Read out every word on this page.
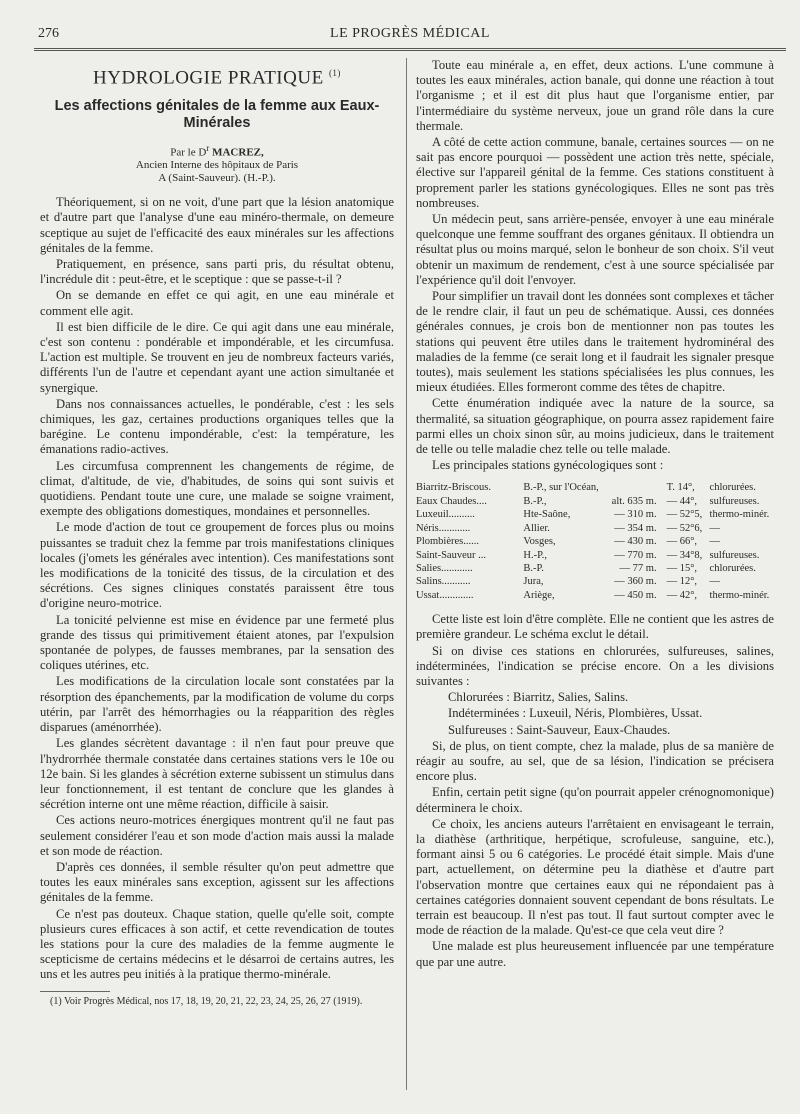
276	LE PROGRÈS MÉDICAL
HYDROLOGIE PRATIQUE $^{(1)}$
Les affections génitales de la femme aux Eaux-Minérales
Par le $D^r$ MACREZ,
Ancien Interne des hôpitaux de Paris
A (Saint-Sauveur). (H.-P.).

Théoriquement, si on ne voit, d'une part que la lésion anatomique et d'autre part que l'analyse d'une eau minéro-thermale, on demeure sceptique au sujet de l'efficacité des eaux minérales sur les affections génitales de la femme.

Pratiquement, en présence, sans parti pris, du résultat obtenu, l'incrédule dit : peut-être, et le sceptique : que se passe-t-il ?

On se demande en effet ce qui agit, en une eau minérale et comment elle agit.

Il est bien difficile de le dire. Ce qui agit dans une eau minérale, c'est son contenu : pondérable et impondérable, et les circumfusa. L'action est multiple. Se trouvent en jeu de nombreux facteurs variés, différents l'un de l'autre et cependant ayant une action simultanée et synergique.

Dans nos connaissances actuelles, le pondérable, c'est : les sels chimiques, les gaz, certaines productions organiques telles que la barégine. Le contenu impondérable, c'est: la température, les émanations radio-actives.

Les circumfusa comprennent les changements de régime, de climat, d'altitude, de vie, d'habitudes, de soins qui sont suivis et quotidiens. Pendant toute une cure, une malade se soigne vraiment, exempte des obligations domestiques, mondaines et personnelles.

Le mode d'action de tout ce groupement de forces plus ou moins puissantes se traduit chez la femme par trois manifestations cliniques locales (j'omets les générales avec intention). Ces manifestations sont les modifications de la tonicité des tissus, de la circulation et des sécrétions. Ces signes cliniques constatés paraissent être tous d'origine neuro-motrice.

La tonicité pelvienne est mise en évidence par une fermeté plus grande des tissus qui primitivement étaient atones, par l'expulsion spontanée de polypes, de fausses membranes, par la sensation des coliques utérines, etc.

Les modifications de la circulation locale sont constatées par la résorption des épanchements, par la modification de volume du corps utérin, par l'arrêt des hémorrhagies ou la réapparition des règles disparues (aménorrhée).

Les glandes sécrètent davantage : il n'en faut pour preuve que l'hydrorrhée thermale constatée dans certaines stations vers le 10e ou 12e bain. Si les glandes à sécrétion externe subissent un stimulus dans leur fonctionnement, il est tentant de conclure que les glandes à sécrétion interne ont une même réaction, difficile à saisir.

Ces actions neuro-motrices énergiques montrent qu'il ne faut pas seulement considérer l'eau et son mode d'action mais aussi la malade et son mode de réaction.

D'après ces données, il semble résulter qu'on peut admettre que toutes les eaux minérales sans exception, agissent sur les affections génitales de la femme.

Ce n'est pas douteux. Chaque station, quelle qu'elle soit, compte plusieurs cures efficaces à son actif, et cette revendication de toutes les stations pour la cure des maladies de la femme augmente le scepticisme de certains médecins et le désarroi de certains autres, les uns et les autres peu initiés à la pratique thermo-minérale.

(1) Voir Progrès Médical, nos 17, 18, 19, 20, 21, 22, 23, 24, 25, 26, 27 (1919).

Toute eau minérale a, en effet, deux actions. L'une commune à toutes les eaux minérales, action banale, qui donne une réaction à tout l'organisme ; et il est dit plus haut que l'organisme entier, par l'intermédiaire du système nerveux, joue un grand rôle dans la cure thermale.

A côté de cette action commune, banale, certaines sources — on ne sait pas encore pourquoi — possèdent une action très nette, spéciale, élective sur l'appareil génital de la femme. Ces stations constituent à proprement parler les stations gynécologiques. Elles ne sont pas très nombreuses.

Un médecin peut, sans arrière-pensée, envoyer à une eau minérale quelconque une femme souffrant des organes génitaux. Il obtiendra un résultat plus ou moins marqué, selon le bonheur de son choix. S'il veut obtenir un maximum de rendement, c'est à une source spécialisée par l'expérience qu'il doit l'envoyer.

Pour simplifier un travail dont les données sont complexes et tâcher de le rendre clair, il faut un peu de schématique. Aussi, ces données générales connues, je crois bon de mentionner non pas toutes les stations qui peuvent être utiles dans le traitement hydrominéral des maladies de la femme (ce serait long et il faudrait les signaler presque toutes), mais seulement les stations spécialisées les plus connues, les mieux étudiées. Elles formeront comme des têtes de chapitre.

Cette énumération indiquée avec la nature de la source, sa thermalité, sa situation géographique, on pourra assez rapidement faire parmi elles un choix sinon sûr, au moins judicieux, dans le traitement de telle ou telle maladie chez telle ou telle malade.

Les principales stations gynécologiques sont :

Biarritz-Briscous.	B.-P., sur l'Océan,		T. 14°,	chlorurées.
Eaux Chaudes....	B.-P.,	alt. 635 m.	— 44°,	sulfureuses.
Luxeuil..........	Hte-Saône,	— 310 m.	— 52°5,	thermo-minér.
Néris............	Allier.	— 354 m.	— 52°6,	—
Plombières......	Vosges,	— 430 m.	— 66°,	—
Saint-Sauveur ...	H.-P.,	— 770 m.	— 34°8,	sulfureuses.
Salies............	B.-P.	— 77 m.	— 15°,	chlorurées.
Salins...........	Jura,	— 360 m.	— 12°,	—
Ussat.............	Ariège,	— 450 m.	— 42°,	thermo-minér.

Cette liste est loin d'être complète. Elle ne contient que les astres de première grandeur. Le schéma exclut le détail.

Si on divise ces stations en chlorurées, sulfureuses, salines, indéterminées, l'indication se précise encore. On a les divisions suivantes :

Chlorurées : Biarritz, Salies, Salins.

Indéterminées : Luxeuil, Néris, Plombières, Ussat.

Sulfureuses : Saint-Sauveur, Eaux-Chaudes.

Si, de plus, on tient compte, chez la malade, plus de sa manière de réagir au soufre, au sel, que de sa lésion, l'indication se précisera encore plus.

Enfin, certain petit signe (qu'on pourrait appeler crénognomonique) déterminera le choix.

Ce choix, les anciens auteurs l'arrêtaient en envisageant le terrain, la diathèse (arthritique, herpétique, scrofuleuse, sanguine, etc.), formant ainsi 5 ou 6 catégories. Le procédé était simple. Mais d'une part, actuellement, on détermine peu la diathèse et d'autre part l'observation montre que certaines eaux qui ne répondaient pas à certaines catégories donnaient souvent cependant de bons résultats. Le terrain est beaucoup. Il n'est pas tout. Il faut surtout compter avec le mode de réaction de la malade. Qu'est-ce que cela veut dire ?

Une malade est plus heureusement influencée par une température que par une autre.
